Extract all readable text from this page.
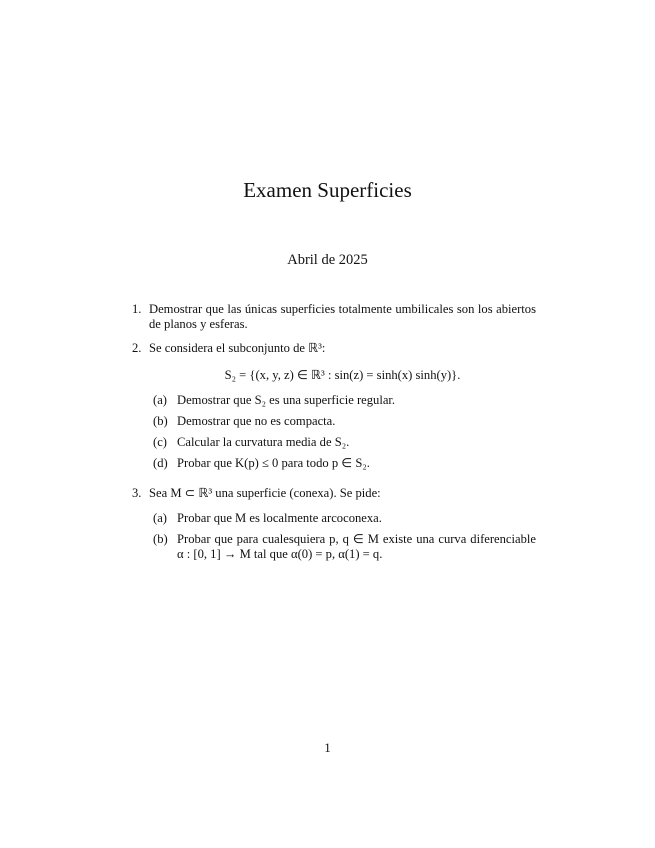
Examen Superficies
Abril de 2025
1. Demostrar que las únicas superficies totalmente umbilicales son los abiertos de planos y esferas.
2. Se considera el subconjunto de ℝ³:
S₂ = {(x, y, z) ∈ ℝ³ : sin(z) = sinh(x) sinh(y)}.
(a) Demostrar que S₂ es una superficie regular.
(b) Demostrar que no es compacta.
(c) Calcular la curvatura media de S₂.
(d) Probar que K(p) ≤ 0 para todo p ∈ S₂.
3. Sea M ⊂ ℝ³ una superficie (conexa). Se pide:
(a) Probar que M es localmente arcoconexa.
(b) Probar que para cualesquiera p, q ∈ M existe una curva diferenciable α : [0, 1] → M tal que α(0) = p, α(1) = q.
1
